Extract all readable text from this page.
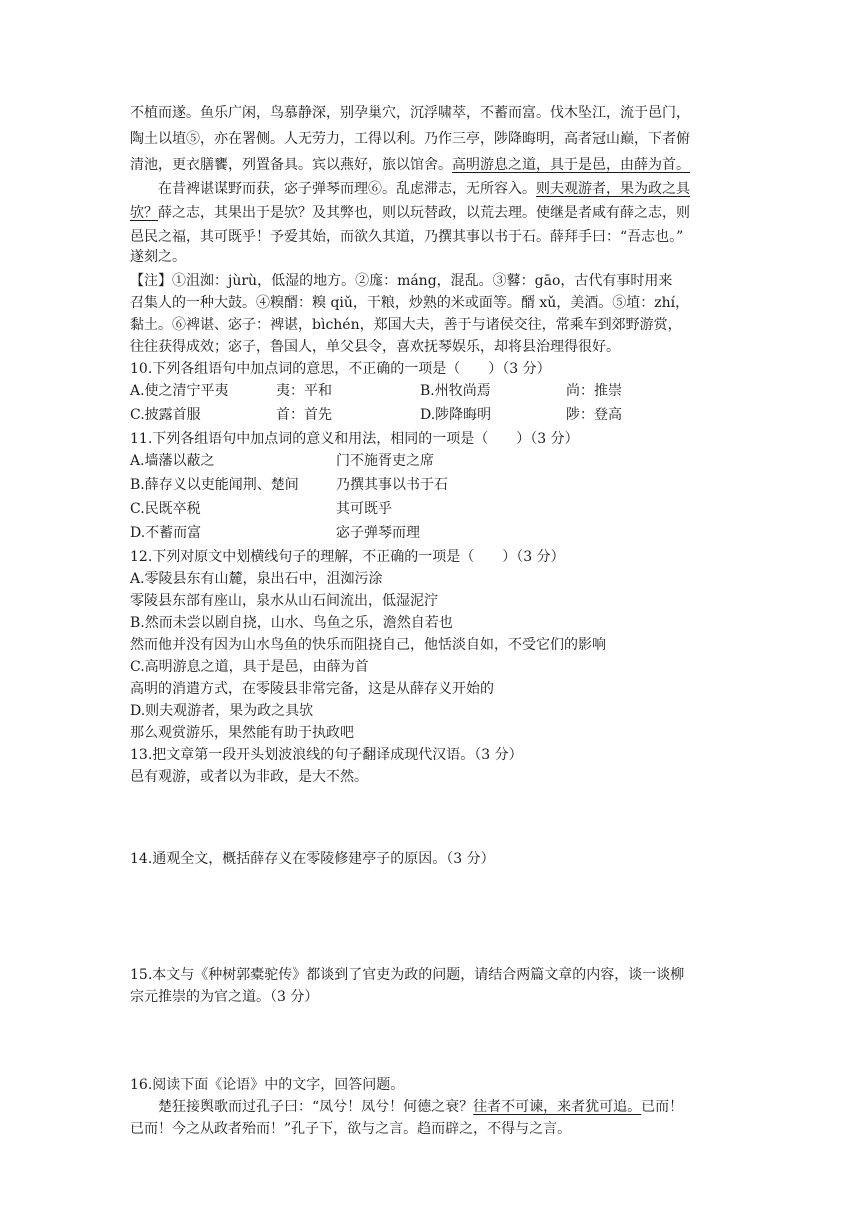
不植而遂。鱼乐广闲，鸟慕静深，别孕巢穴，沉浮啸萃，不蓄而富。伐木坠江，流于邑门，
陶土以埴⑤，亦在署侧。人无劳力，工得以利。乃作三亭，陟降晦明，高者冠山巅，下者俯
清池，更衣膳饔，列置备具。宾以燕好，旅以馆舍。高明游息之道，具于是邑，由薛为首。
在昔裨谌谋野而获，宓子弹琴而理⑥。乱虑滞志，无所容入。则夫观游者，果为政之具
欤？薛之志，其果出于是欤？及其弊也，则以玩替政，以荒去理。使继是者咸有薛之志，则
邑民之福，其可既乎！予爱其始，而欲久其道，乃撰其事以书于石。薛拜手曰：“吾志也。”
遂刻之。
【注】①沮洳：jùrù，低湿的地方。②庬：máng，混乱。③鼛：gāo，古代有事时用来
召集人的一种大鼓。④糗醑：糗 qiǔ，干粮，炒熟的米或面等。醑 xǔ，美酒。⑤埴：zhí，
黏土。⑥裨谌、宓子：裨谌，bìchén，郑国大夫，善于与诸侯交往，常乘车到郊野游赏，
往往获得成效；宓子，鲁国人，单父县令，喜欢抚琴娱乐，却将县治理得很好。
10.下列各组语句中加点词的意思，不正确的一项是（　　）（3 分）
A.使之清宁平夷	夷：平和	B.州牧尚焉	尚：推崇
C.披露首服	首：首先	D.陟降晦明	陟：登高
11.下列各组语句中加点词的意义和用法，相同的一项是（　　）（3 分）
A.墙藩以蔽之	门不施胥吏之席
B.薛存义以吏能闻荆、楚间	乃撰其事以书于石
C.民既卒税	其可既乎
D.不蓄而富	宓子弹琴而理
12.下列对原文中划横线句子的理解，不正确的一项是（　　）（3 分）
A.零陵县东有山麓，泉出石中，沮洳污涂
零陵县东部有座山，泉水从山石间流出，低湿泥泞
B.然而未尝以剧自挠，山水、鸟鱼之乐，澹然自若也
然而他并没有因为山水鸟鱼的快乐而阻挠自己，他恬淡自如，不受它们的影响
C.高明游息之道，具于是邑，由薛为首
高明的消遣方式，在零陵县非常完备，这是从薛存义开始的
D.则夫观游者，果为政之具欤
那么观赏游乐，果然能有助于执政吧
13.把文章第一段开头划波浪线的句子翻译成现代汉语。（3 分）
邑有观游，或者以为非政，是大不然。
14.通观全文，概括薛存义在零陵修建亭子的原因。（3 分）
15.本文与《种树郭橐驼传》都谈到了官吏为政的问题，请结合两篇文章的内容，谈一谈柳
宗元推崇的为官之道。（3 分）
16.阅读下面《论语》中的文字，回答问题。
楚狂接舆歌而过孔子曰：“凤兮！凤兮！何德之衰？往者不可谏，来者犹可追。已而！
已而！今之从政者殆而！”孔子下，欲与之言。趋而辟之，不得与之言。
